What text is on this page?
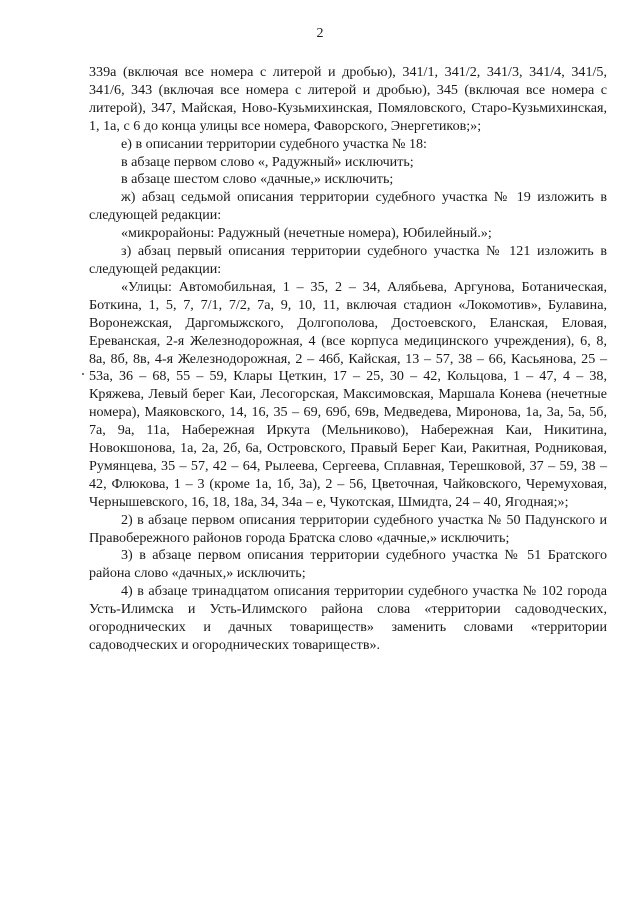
2

339а (включая все номера с литерой и дробью), 341/1, 341/2, 341/3, 341/4, 341/5, 341/6, 343 (включая все номера с литерой и дробью), 345 (включая все номера с литерой), 347, Майская, Ново-Кузьмихинская, Помяловского, Старо-Кузьмихинская, 1, 1а, с 6 до конца улицы все номера, Фаворского, Энергетиков;»;

е) в описании территории судебного участка № 18:

в абзаце первом слово «, Радужный» исключить;

в абзаце шестом слово «дачные,» исключить;

ж) абзац седьмой описания территории судебного участка № 19 изложить в следующей редакции:

«микрорайоны: Радужный (нечетные номера), Юбилейный.»;

з) абзац первый описания территории судебного участка № 121 изложить в следующей редакции:

«Улицы: Автомобильная, 1 – 35, 2 – 34, Алябьева, Аргунова, Ботаническая, Боткина, 1, 5, 7, 7/1, 7/2, 7а, 9, 10, 11, включая стадион «Локомотив», Булавина, Воронежская, Даргомыжского, Долгополова, Достоевского, Еланская, Еловая, Ереванская, 2-я Железнодорожная, 4 (все корпуса медицинского учреждения), 6, 8, 8а, 8б, 8в, 4-я Железнодорожная, 2 – 46б, Кайская, 13 – 57, 38 – 66, Касьянова, 25 – 53а, 36 – 68, 55 – 59, Клары Цеткин, 17 – 25, 30 – 42, Кольцова, 1 – 47, 4 – 38, Кряжева, Левый берег Каи, Лесогорская, Максимовская, Маршала Конева (нечетные номера), Маяковского, 14, 16, 35 – 69, 69б, 69в, Медведева, Миронова, 1а, 3а, 5а, 5б, 7а, 9а, 11а, Набережная Иркута (Мельниково), Набережная Каи, Никитина, Новокшонова, 1а, 2а, 2б, 6а, Островского, Правый Берег Каи, Ракитная, Родниковая, Румянцева, 35 – 57, 42 – 64, Рылеева, Сергеева, Сплавная, Терешковой, 37 – 59, 38 – 42, Флюкова, 1 – 3 (кроме 1а, 1б, 3а), 2 – 56, Цветочная, Чайковского, Черемуховая, Чернышевского, 16, 18, 18а, 34, 34а – е, Чукотская, Шмидта, 24 – 40, Ягодная;»;

2) в абзаце первом описания территории судебного участка № 50 Падунского и Правобережного районов города Братска слово «дачные,» исключить;

3) в абзаце первом описания территории судебного участка № 51 Братского района слово «дачных,» исключить;

4) в абзаце тринадцатом описания территории судебного участка № 102 города Усть-Илимска и Усть-Илимского района слова «территории садоводческих, огороднических и дачных товариществ» заменить словами «территории садоводческих и огороднических товариществ».
